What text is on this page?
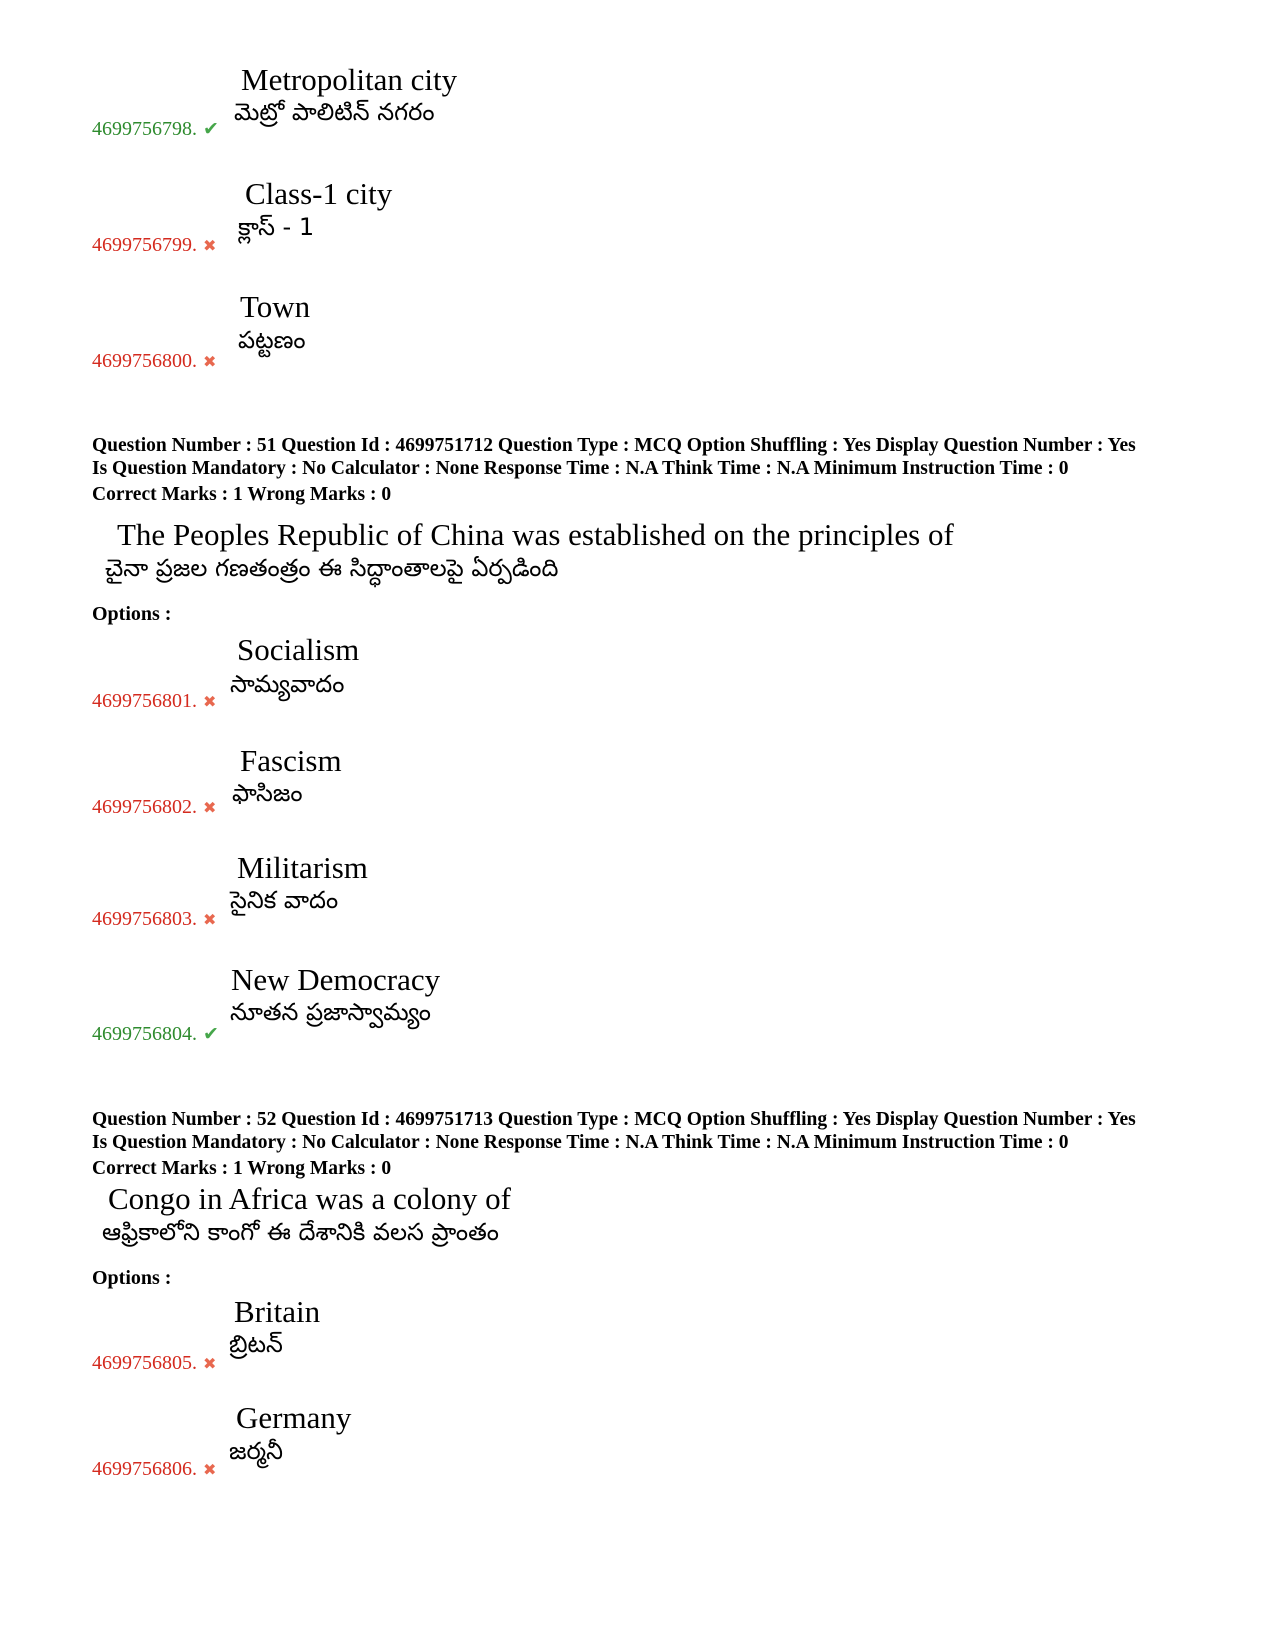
Metropolitan city
మెట్రో పాలిటిన్ నగరం
4699756798. ✔
Class-1 city
క్లాస్ - 1
4699756799. ✖
Town
పట్టణం
4699756800. ✖
Question Number : 51 Question Id : 4699751712 Question Type : MCQ Option Shuffling : Yes Display Question Number : Yes
Is Question Mandatory : No Calculator : None Response Time : N.A Think Time : N.A Minimum Instruction Time : 0
Correct Marks : 1 Wrong Marks : 0
The Peoples Republic of China was established on the principles of
చైనా ప్రజల గణతంత్రం ఈ సిద్ధాంతాలపై ఏర్పడింది
Options :
Socialism
సామ్యవాదం
4699756801. ✖
Fascism
ఫాసిజం
4699756802. ✖
Militarism
సైనిక వాదం
4699756803. ✖
New Democracy
నూతన ప్రజాస్వామ్యం
4699756804. ✔
Question Number : 52 Question Id : 4699751713 Question Type : MCQ Option Shuffling : Yes Display Question Number : Yes
Is Question Mandatory : No Calculator : None Response Time : N.A Think Time : N.A Minimum Instruction Time : 0
Correct Marks : 1 Wrong Marks : 0
Congo in Africa was a colony of
ఆఫ్రికాలోని కాంగో ఈ దేశానికి వలస ప్రాంతం
Options :
Britain
బ్రిటన్
4699756805. ✖
Germany
జర్మనీ
4699756806. ✖
